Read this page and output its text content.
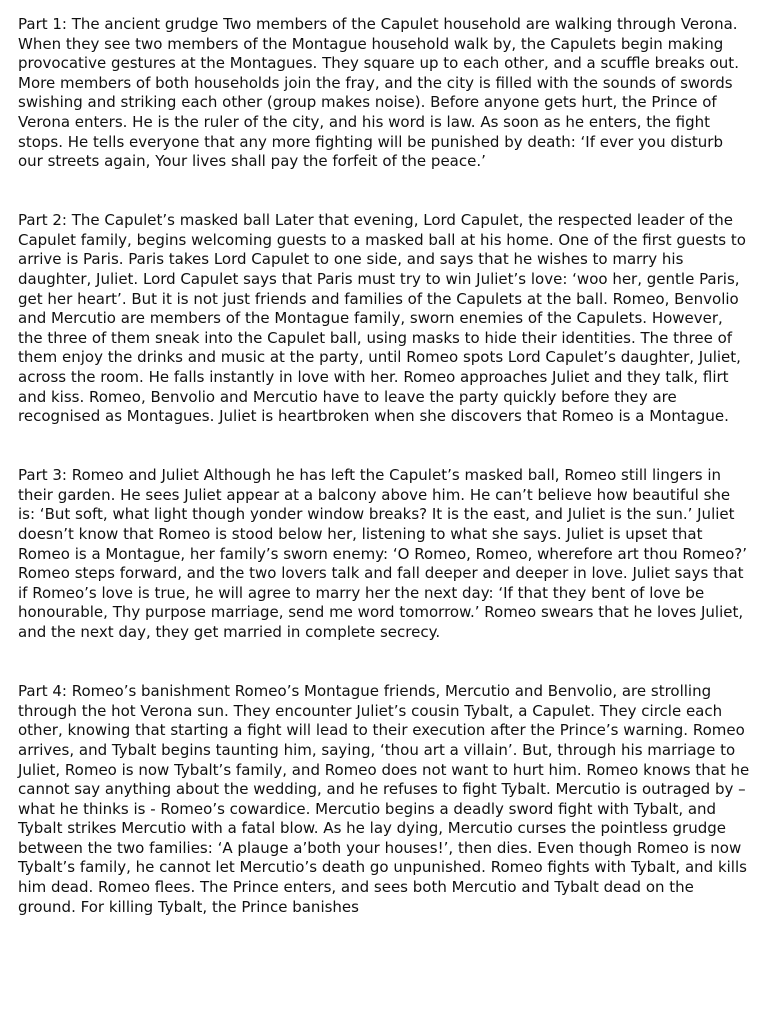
Part 1: The ancient grudge Two members of the Capulet household are walking through Verona. When they see two members of the Montague household walk by, the Capulets begin making provocative gestures at the Montagues. They square up to each other, and a scuffle breaks out. More members of both households join the fray, and the city is filled with the sounds of swords swishing and striking each other (group makes noise). Before anyone gets hurt, the Prince of Verona enters. He is the ruler of the city, and his word is law. As soon as he enters, the fight stops. He tells everyone that any more fighting will be punished by death: ‘If ever you disturb our streets again, Your lives shall pay the forfeit of the peace.’

Part 2: The Capulet’s masked ball Later that evening, Lord Capulet, the respected leader of the Capulet family, begins welcoming guests to a masked ball at his home. One of the first guests to arrive is Paris. Paris takes Lord Capulet to one side, and says that he wishes to marry his daughter, Juliet. Lord Capulet says that Paris must try to win Juliet’s love: ‘woo her, gentle Paris, get her heart’. But it is not just friends and families of the Capulets at the ball. Romeo, Benvolio and Mercutio are members of the Montague family, sworn enemies of the Capulets. However, the three of them sneak into the Capulet ball, using masks to hide their identities. The three of them enjoy the drinks and music at the party, until Romeo spots Lord Capulet’s daughter, Juliet, across the room. He falls instantly in love with her. Romeo approaches Juliet and they talk, flirt and kiss. Romeo, Benvolio and Mercutio have to leave the party quickly before they are recognised as Montagues. Juliet is heartbroken when she discovers that Romeo is a Montague.

Part 3: Romeo and Juliet Although he has left the Capulet’s masked ball, Romeo still lingers in their garden. He sees Juliet appear at a balcony above him. He can’t believe how beautiful she is: ‘But soft, what light though yonder window breaks? It is the east, and Juliet is the sun.’ Juliet doesn’t know that Romeo is stood below her, listening to what she says. Juliet is upset that Romeo is a Montague, her family’s sworn enemy: ‘O Romeo, Romeo, wherefore art thou Romeo?’ Romeo steps forward, and the two lovers talk and fall deeper and deeper in love. Juliet says that if Romeo’s love is true, he will agree to marry her the next day: ‘If that they bent of love be honourable, Thy purpose marriage, send me word tomorrow.’ Romeo swears that he loves Juliet, and the next day, they get married in complete secrecy.

Part 4: Romeo’s banishment Romeo’s Montague friends, Mercutio and Benvolio, are strolling through the hot Verona sun. They encounter Juliet’s cousin Tybalt, a Capulet. They circle each other, knowing that starting a fight will lead to their execution after the Prince’s warning. Romeo arrives, and Tybalt begins taunting him, saying, ‘thou art a villain’. But, through his marriage to Juliet, Romeo is now Tybalt’s family, and Romeo does not want to hurt him. Romeo knows that he cannot say anything about the wedding, and he refuses to fight Tybalt. Mercutio is outraged by – what he thinks is - Romeo’s cowardice. Mercutio begins a deadly sword fight with Tybalt, and Tybalt strikes Mercutio with a fatal blow. As he lay dying, Mercutio curses the pointless grudge between the two families: ‘A plauge a’both your houses!’, then dies. Even though Romeo is now Tybalt’s family, he cannot let Mercutio’s death go unpunished. Romeo fights with Tybalt, and kills him dead. Romeo flees. The Prince enters, and sees both Mercutio and Tybalt dead on the ground. For killing Tybalt, the Prince banishes
